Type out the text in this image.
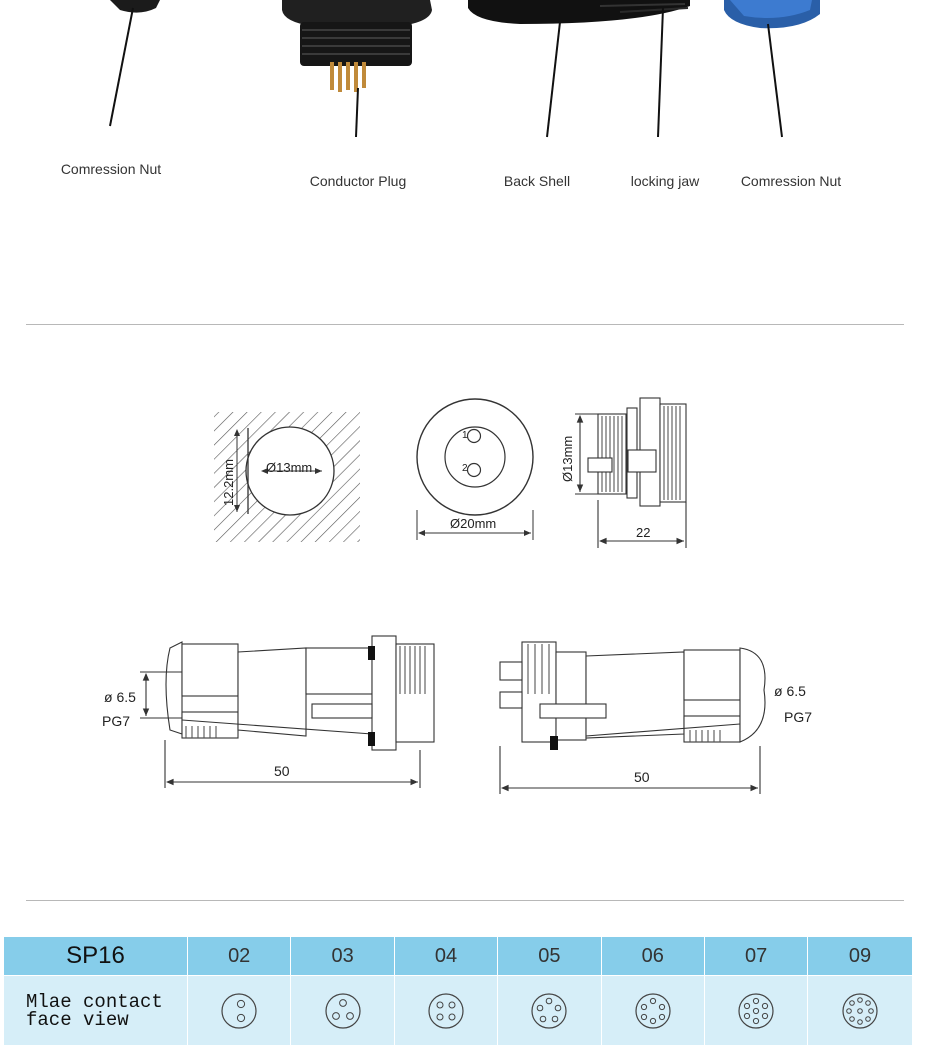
Comression Nut
Conductor Plug	Back Shell	locking jaw	Comression Nut
Ø13mm
12.2mm
1
2
Ø20mm
Ø13mm
22
ø 6.5
PG7
50
ø 6.5
PG7
50
SP16	02	03	04	05	06	07	09
Mlae contact
face view
